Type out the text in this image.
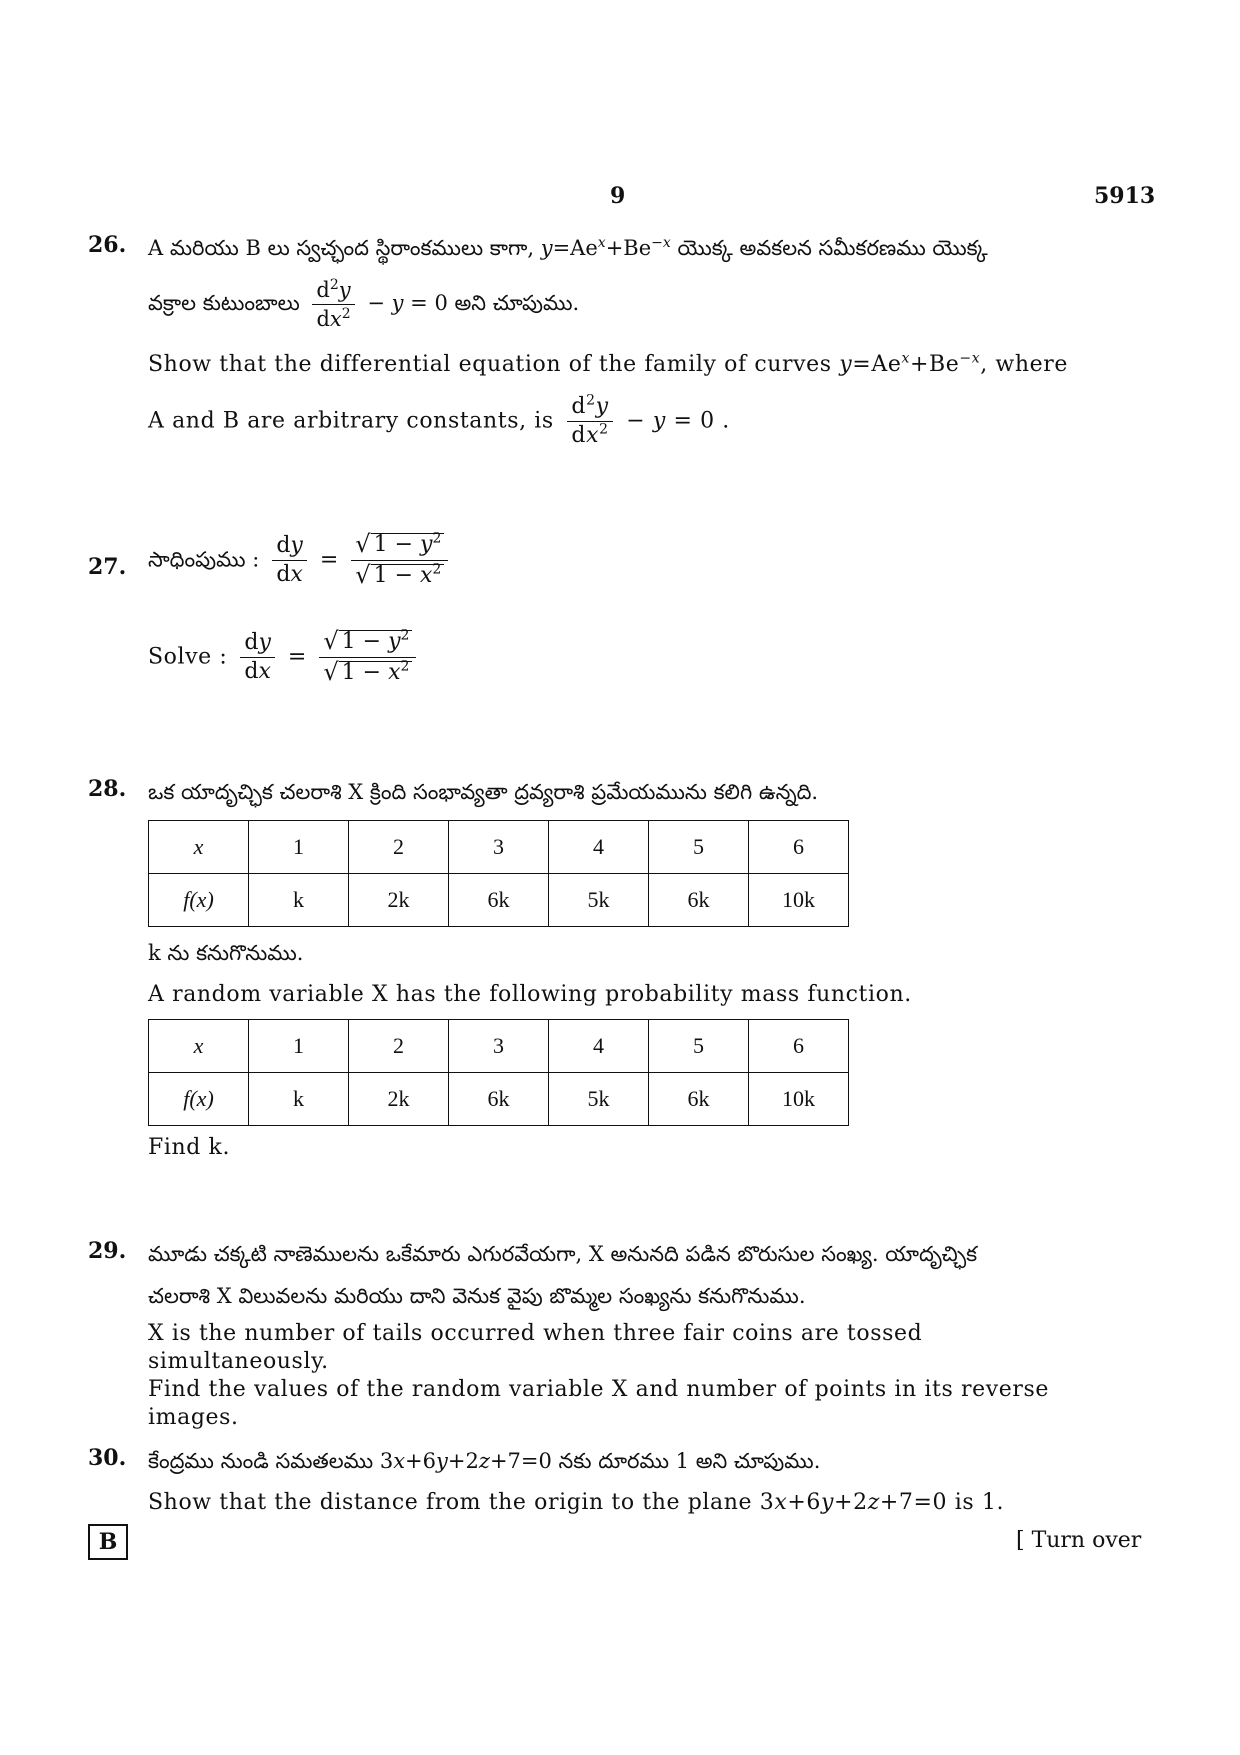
9	5913
26. A మరియు B లు స్వచ్ఛంద స్థిరాంకములు కాగా, $y=Ae^x+Be^{-x}$ యొక్క అవకలన సమీకరణము యొక్క
వక్రాల కుటుంబాలు $\frac{d^2y}{dx^2} - y = 0$ అని చూపుము.
Show that the differential equation of the family of curves $y=Ae^x+Be^{-x}$, where
A and B are arbitrary constants, is $\frac{d^2y}{dx^2} - y = 0$ .
27. సాధింపుము : $\frac{dy}{dx} = \frac{√ 1 - y^2}{√ 1 - x^2}$
Solve : $\frac{dy}{dx} = \frac{√ 1 - y^2}{√ 1 - x^2}$
28. ఒక యాదృచ్ఛిక చలరాశి X క్రింది సంభావ్యతా ద్రవ్యరాశి ప్రమేయమును కలిగి ఉన్నది.
x	1	2	3	4	5	6
f(x)	k	2k	6k	5k	6k	10k
k ను కనుగొనుము.
A random variable X has the following probability mass function.
x	1	2	3	4	5	6
f(x)	k	2k	6k	5k	6k	10k
Find k.
29. మూడు చక్కటి నాణెములను ఒకేమారు ఎగురవేయగా, X అనునది పడిన బొరుసుల సంఖ్య. యాదృచ్ఛిక
చలరాశి X విలువలను మరియు దాని వెనుక వైపు బొమ్మల సంఖ్యను కనుగొనుము.
X is the number of tails occurred when three fair coins are tossed simultaneously.
Find the values of the random variable X and number of points in its reverse
images.
30. కేంద్రము నుండి సమతలము 3x+6y+2z+7=0 నకు దూరము 1 అని చూపుము.
Show that the distance from the origin to the plane 3x+6y+2z+7=0 is 1.
B	[ Turn over
